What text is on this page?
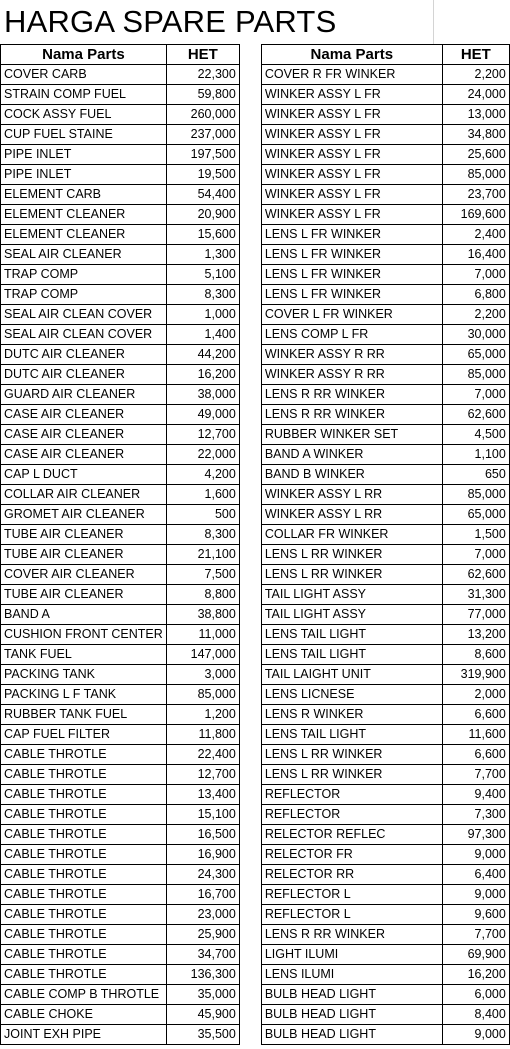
HARGA SPARE PARTS
Nama Parts	HET		Nama Parts	HET
COVER CARB	22,300		COVER R FR WINKER	2,200
STRAIN COMP FUEL	59,800		WINKER ASSY L FR	24,000
COCK ASSY FUEL	260,000		WINKER ASSY L FR	13,000
CUP FUEL STAINE	237,000		WINKER ASSY L FR	34,800
PIPE INLET	197,500		WINKER ASSY L FR	25,600
PIPE INLET	19,500		WINKER ASSY L FR	85,000
ELEMENT CARB	54,400		WINKER ASSY L FR	23,700
ELEMENT CLEANER	20,900		WINKER ASSY L FR	169,600
ELEMENT CLEANER	15,600		LENS L FR WINKER	2,400
SEAL AIR CLEANER	1,300		LENS L FR WINKER	16,400
TRAP COMP	5,100		LENS L FR WINKER	7,000
TRAP COMP	8,300		LENS L FR WINKER	6,800
SEAL AIR CLEAN COVER	1,000		COVER L FR WINKER	2,200
SEAL AIR CLEAN COVER	1,400		LENS COMP L FR	30,000
DUTC AIR CLEANER	44,200		WINKER ASSY R RR	65,000
DUTC AIR CLEANER	16,200		WINKER ASSY R RR	85,000
GUARD AIR CLEANER	38,000		LENS R RR WINKER	7,000
CASE AIR CLEANER	49,000		LENS R RR WINKER	62,600
CASE AIR CLEANER	12,700		RUBBER WINKER SET	4,500
CASE AIR CLEANER	22,000		BAND A WINKER	1,100
CAP L DUCT	4,200		BAND B WINKER	650
COLLAR AIR CLEANER	1,600		WINKER ASSY L RR	85,000
GROMET AIR CLEANER	500		WINKER ASSY L RR	65,000
TUBE AIR CLEANER	8,300		COLLAR FR WINKER	1,500
TUBE AIR CLEANER	21,100		LENS L RR WINKER	7,000
COVER AIR CLEANER	7,500		LENS L RR WINKER	62,600
TUBE AIR CLEANER	8,800		TAIL LIGHT ASSY	31,300
BAND A	38,800		TAIL LIGHT ASSY	77,000
CUSHION FRONT CENTER	11,000		LENS TAIL LIGHT	13,200
TANK FUEL	147,000		LENS TAIL LIGHT	8,600
PACKING TANK	3,000		TAIL LAIGHT UNIT	319,900
PACKING L F TANK	85,000		LENS LICNESE	2,000
RUBBER TANK FUEL	1,200		LENS R WINKER	6,600
CAP FUEL FILTER	11,800		LENS TAIL LIGHT	11,600
CABLE THROTLE	22,400		LENS L RR WINKER	6,600
CABLE THROTLE	12,700		LENS L RR WINKER	7,700
CABLE THROTLE	13,400		REFLECTOR	9,400
CABLE THROTLE	15,100		REFLECTOR	7,300
CABLE THROTLE	16,500		RELECTOR REFLEC	97,300
CABLE THROTLE	16,900		RELECTOR FR	9,000
CABLE THROTLE	24,300		RELECTOR RR	6,400
CABLE THROTLE	16,700		REFLECTOR L	9,000
CABLE THROTLE	23,000		REFLECTOR L	9,600
CABLE THROTLE	25,900		LENS R RR WINKER	7,700
CABLE THROTLE	34,700		LIGHT ILUMI	69,900
CABLE THROTLE	136,300		LENS ILUMI	16,200
CABLE COMP B THROTLE	35,000		BULB HEAD LIGHT	6,000
CABLE CHOKE	45,900		BULB HEAD LIGHT	8,400
JOINT EXH PIPE	35,500		BULB HEAD LIGHT	9,000
